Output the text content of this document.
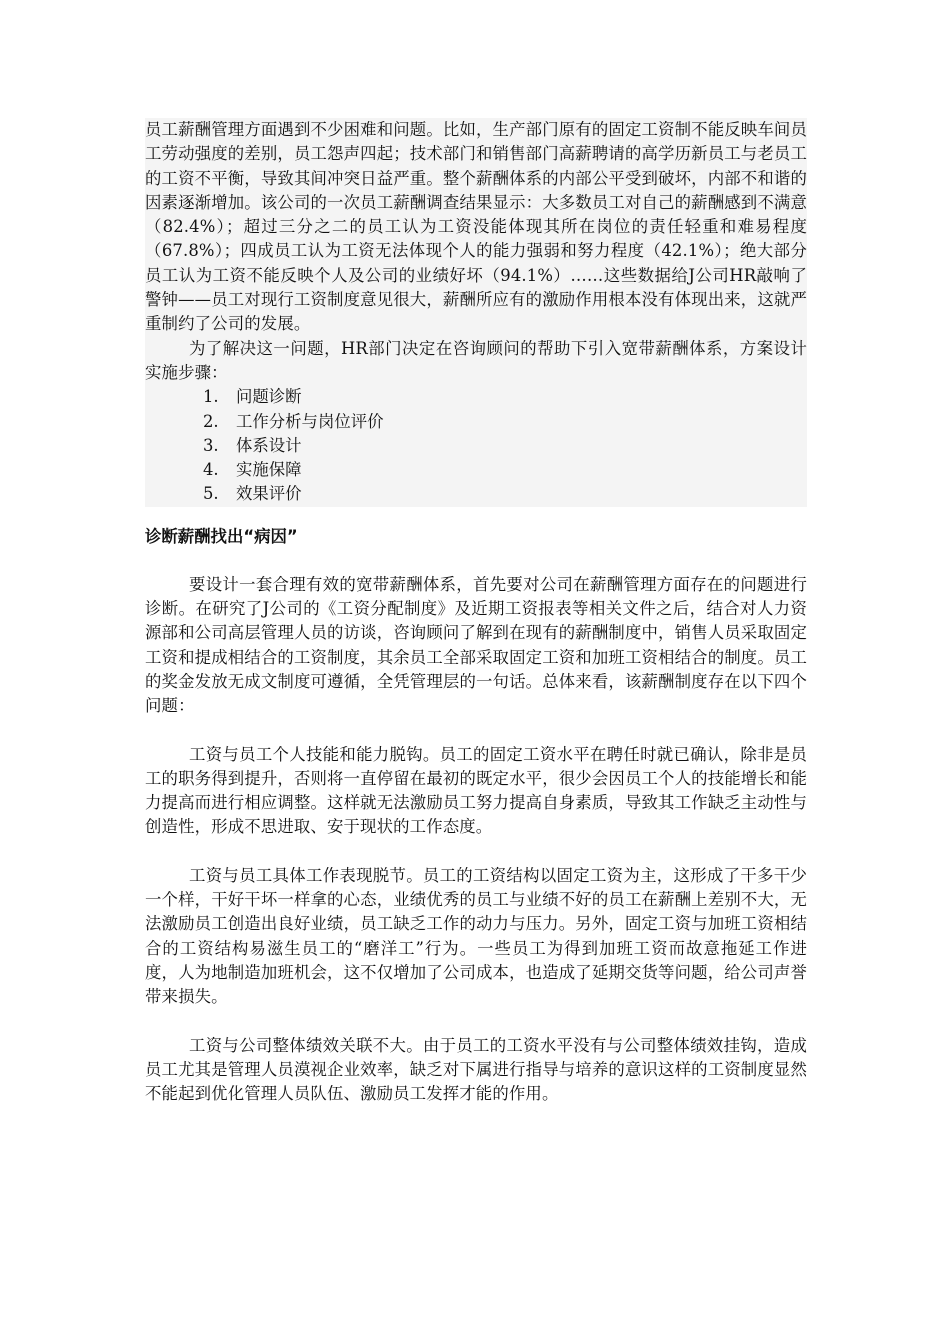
员工薪酬管理方面遇到不少困难和问题。比如，生产部门原有的固定工资制不能反映车间员工劳动强度的差别，员工怨声四起；技术部门和销售部门高薪聘请的高学历新员工与老员工的工资不平衡，导致其间冲突日益严重。整个薪酬体系的内部公平受到破坏，内部不和谐的因素逐渐增加。该公司的一次员工薪酬调查结果显示：大多数员工对自己的薪酬感到不满意（82.4%）；超过三分之二的员工认为工资没能体现其所在岗位的责任轻重和难易程度（67.8%）；四成员工认为工资无法体现个人的能力强弱和努力程度（42.1%）；绝大部分员工认为工资不能反映个人及公司的业绩好坏（94.1%）……这些数据给J公司HR敲响了警钟——员工对现行工资制度意见很大，薪酬所应有的激励作用根本没有体现出来，这就严重制约了公司的发展。

为了解决这一问题，HR部门决定在咨询顾问的帮助下引入宽带薪酬体系，方案设计实施步骤：

1.	问题诊断
2.	工作分析与岗位评价
3.	体系设计
4.	实施保障
5.	效果评价
诊断薪酬找出“病因”

要设计一套合理有效的宽带薪酬体系，首先要对公司在薪酬管理方面存在的问题进行诊断。在研究了J公司的《工资分配制度》及近期工资报表等相关文件之后，结合对人力资源部和公司高层管理人员的访谈，咨询顾问了解到在现有的薪酬制度中，销售人员采取固定工资和提成相结合的工资制度，其余员工全部采取固定工资和加班工资相结合的制度。员工的奖金发放无成文制度可遵循，全凭管理层的一句话。总体来看，该薪酬制度存在以下四个问题：

工资与员工个人技能和能力脱钩。员工的固定工资水平在聘任时就已确认，除非是员工的职务得到提升，否则将一直停留在最初的既定水平，很少会因员工个人的技能增长和能力提高而进行相应调整。这样就无法激励员工努力提高自身素质，导致其工作缺乏主动性与创造性，形成不思进取、安于现状的工作态度。

工资与员工具体工作表现脱节。员工的工资结构以固定工资为主，这形成了干多干少一个样，干好干坏一样拿的心态，业绩优秀的员工与业绩不好的员工在薪酬上差别不大，无法激励员工创造出良好业绩，员工缺乏工作的动力与压力。另外，固定工资与加班工资相结合的工资结构易滋生员工的“磨洋工”行为。一些员工为得到加班工资而故意拖延工作进度，人为地制造加班机会，这不仅增加了公司成本，也造成了延期交货等问题，给公司声誉带来损失。

工资与公司整体绩效关联不大。由于员工的工资水平没有与公司整体绩效挂钩，造成员工尤其是管理人员漠视企业效率，缺乏对下属进行指导与培养的意识这样的工资制度显然不能起到优化管理人员队伍、激励员工发挥才能的作用。
